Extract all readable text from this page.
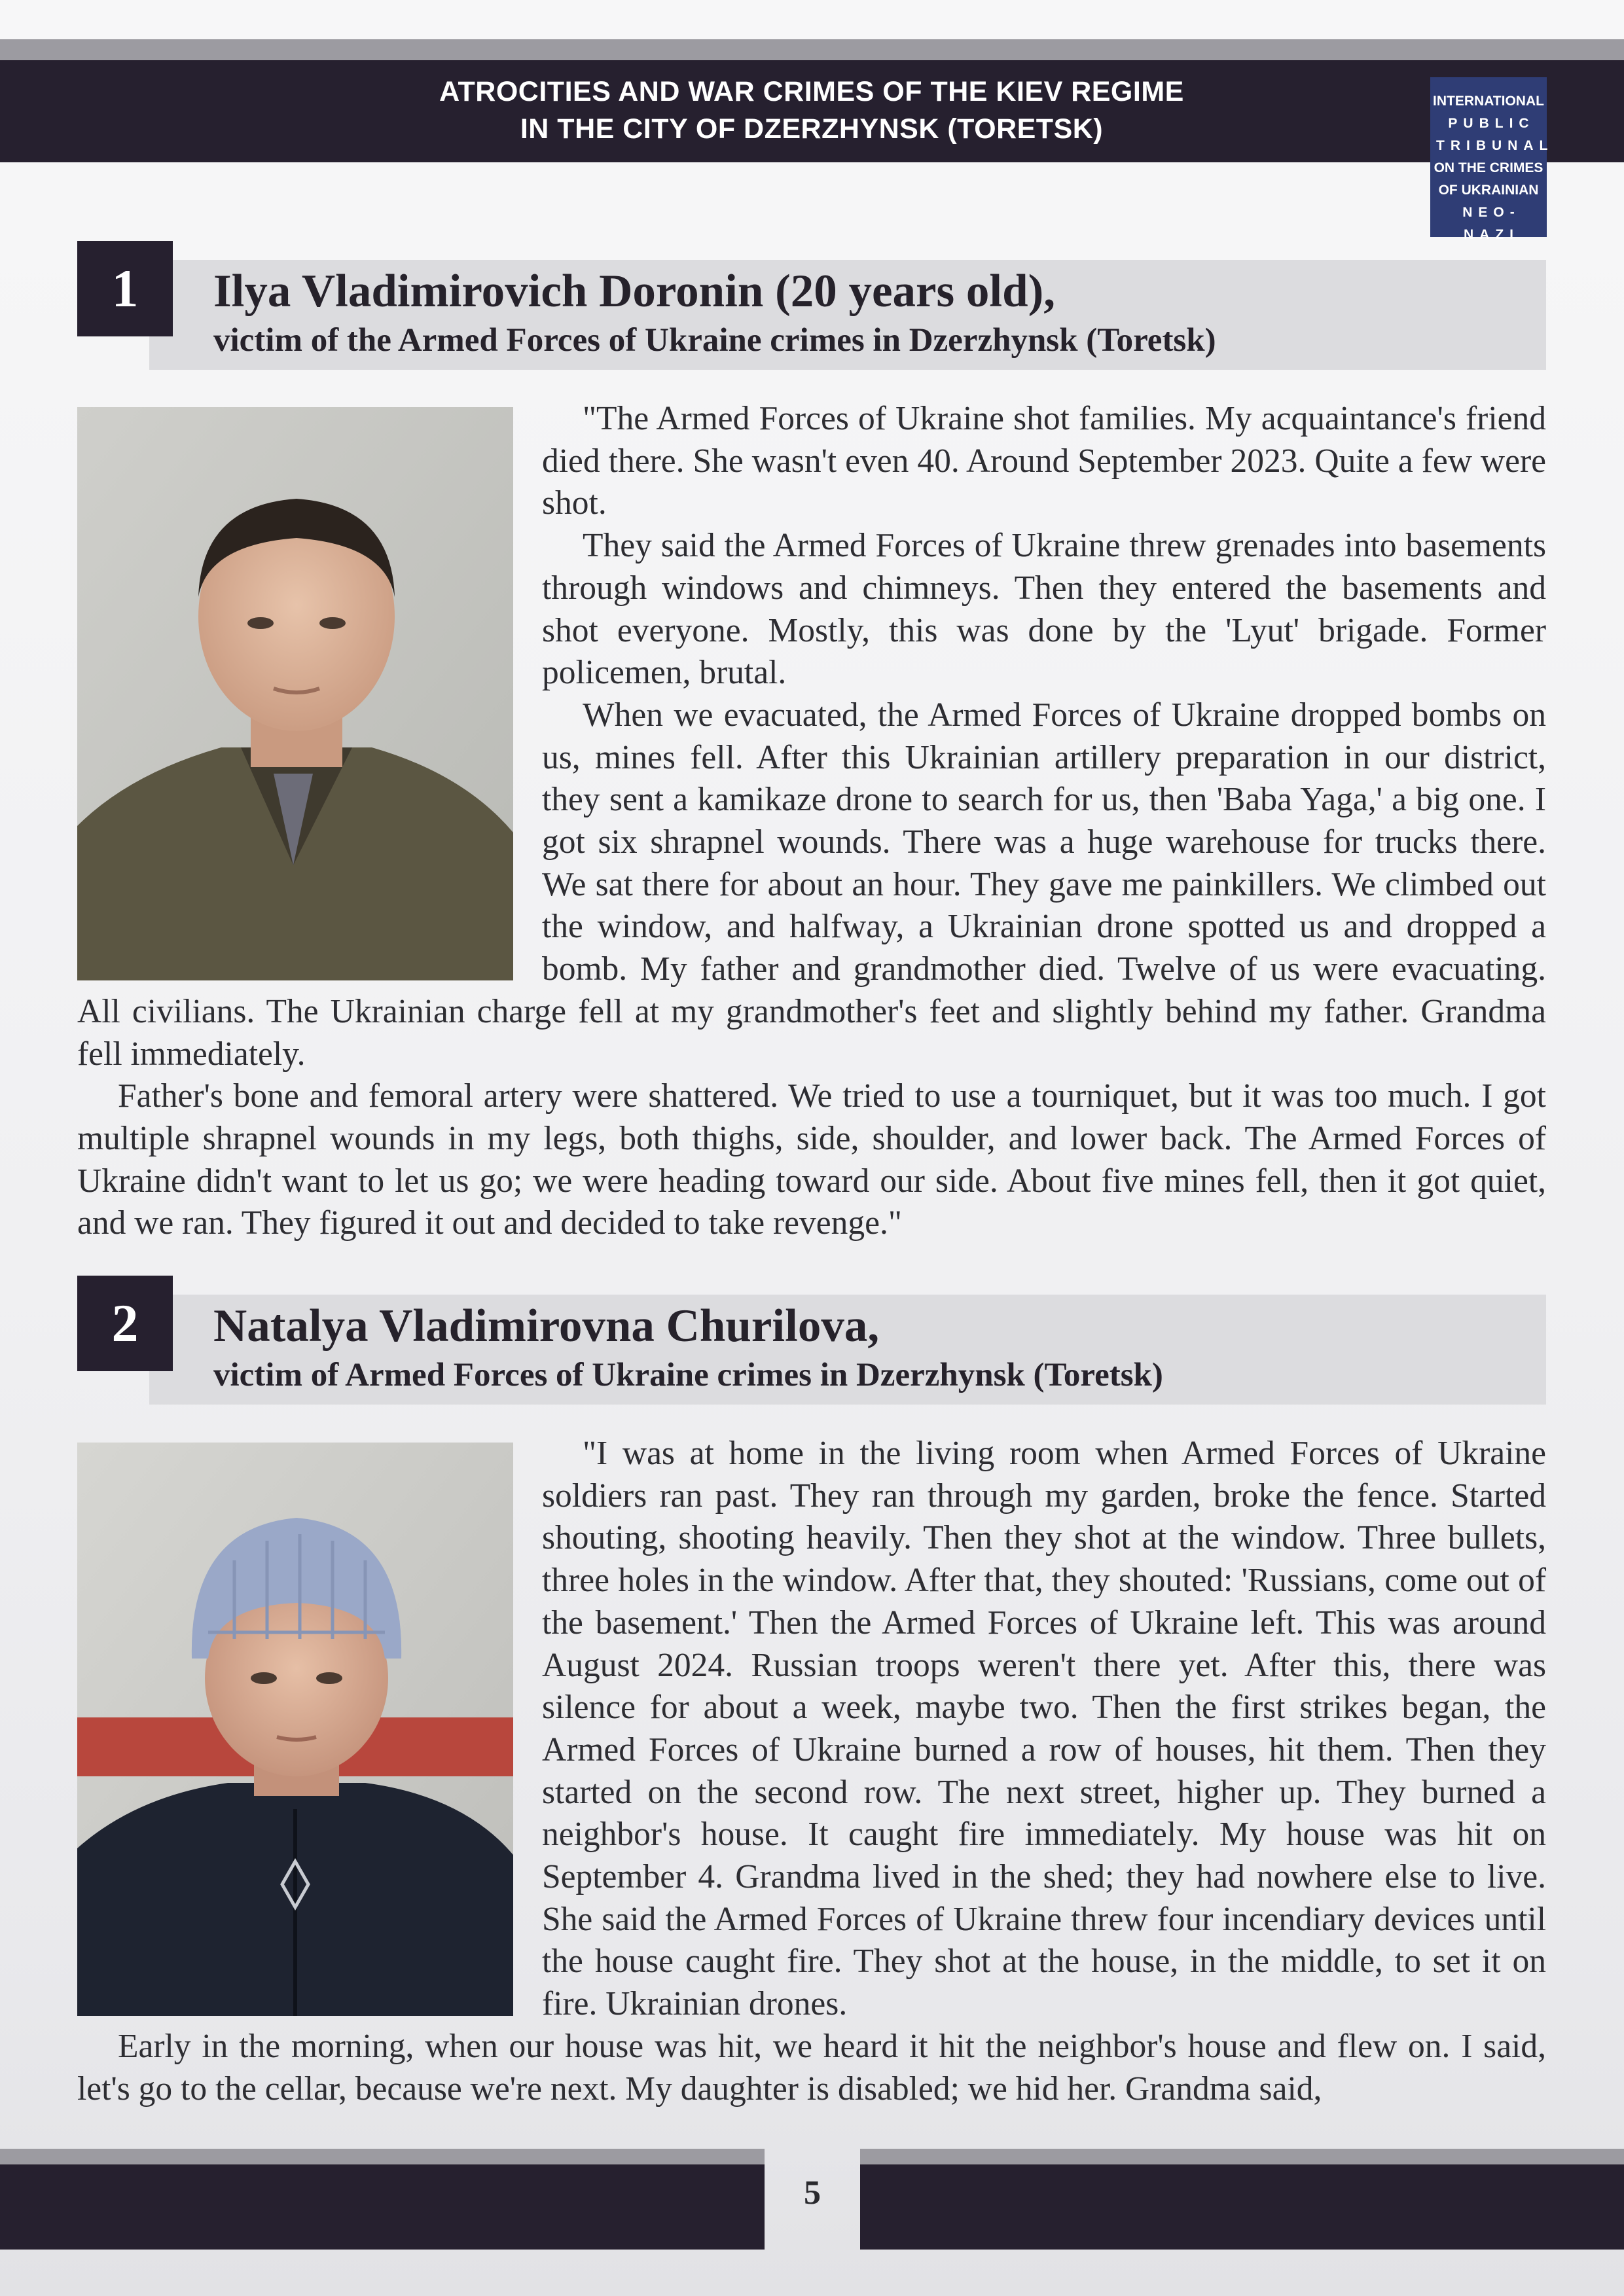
ATROCITIES AND WAR CRIMES OF THE KIEV REGIME
IN THE CITY OF DZERZHYNSK (TORETSK)
INTERNATIONAL
PUBLIC
TRIBUNAL
ON THE CRIMES
OF UKRAINIAN
NEO-NAZI
1	Ilya Vladimirovich Doronin (20 years old),
victim of the Armed Forces of Ukraine crimes in Dzerzhynsk (Toretsk)

"The Armed Forces of Ukraine shot families. My acquaintance's friend died there. She wasn't even 40. Around September 2023. Quite a few were shot.

They said the Armed Forces of Ukraine threw grenades into basements through windows and chimneys. Then they entered the basements and shot everyone. Mostly, this was done by the 'Lyut' brigade. Former policemen, brutal.

When we evacuated, the Armed Forces of Ukraine dropped bombs on us, mines fell. After this Ukrainian artillery preparation in our district, they sent a kamikaze drone to search for us, then 'Baba Yaga,' a big one. I got six shrapnel wounds. There was a huge warehouse for trucks there. We sat there for about an hour. They gave me painkillers. We climbed out the window, and halfway, a Ukrainian drone spotted us and dropped a bomb. My father and grandmother died. Twelve of us were evacuating. All civilians. The Ukrainian charge fell at my grandmother's feet and slightly behind my father. Grandma fell immediately.

Father's bone and femoral artery were shattered. We tried to use a tourniquet, but it was too much. I got multiple shrapnel wounds in my legs, both thighs, side, shoulder, and lower back. The Armed Forces of Ukraine didn't want to let us go; we were heading toward our side. About five mines fell, then it got quiet, and we ran. They figured it out and decided to take revenge."

2	Natalya Vladimirovna Churilova,
victim of Armed Forces of Ukraine crimes in Dzerzhynsk (Toretsk)

"I was at home in the living room when Armed Forces of Ukraine soldiers ran past. They ran through my garden, broke the fence. Started shouting, shooting heavily. Then they shot at the window. Three bullets, three holes in the window. After that, they shouted: 'Russians, come out of the basement.' Then the Armed Forces of Ukraine left. This was around August 2024. Russian troops weren't there yet. After this, there was silence for about a week, maybe two. Then the first strikes began, the Armed Forces of Ukraine burned a row of houses, hit them. Then they started on the second row. The next street, higher up. They burned a neighbor's house. It caught fire immediately. My house was hit on September 4. Grandma lived in the shed; they had nowhere else to live. She said the Armed Forces of Ukraine threw four incendiary devices until the house caught fire. They shot at the house, in the middle, to set it on fire. Ukrainian drones.

Early in the morning, when our house was hit, we heard it hit the neighbor's house and flew on. I said, let's go to the cellar, because we're next. My daughter is disabled; we hid her. Grandma said,

5
